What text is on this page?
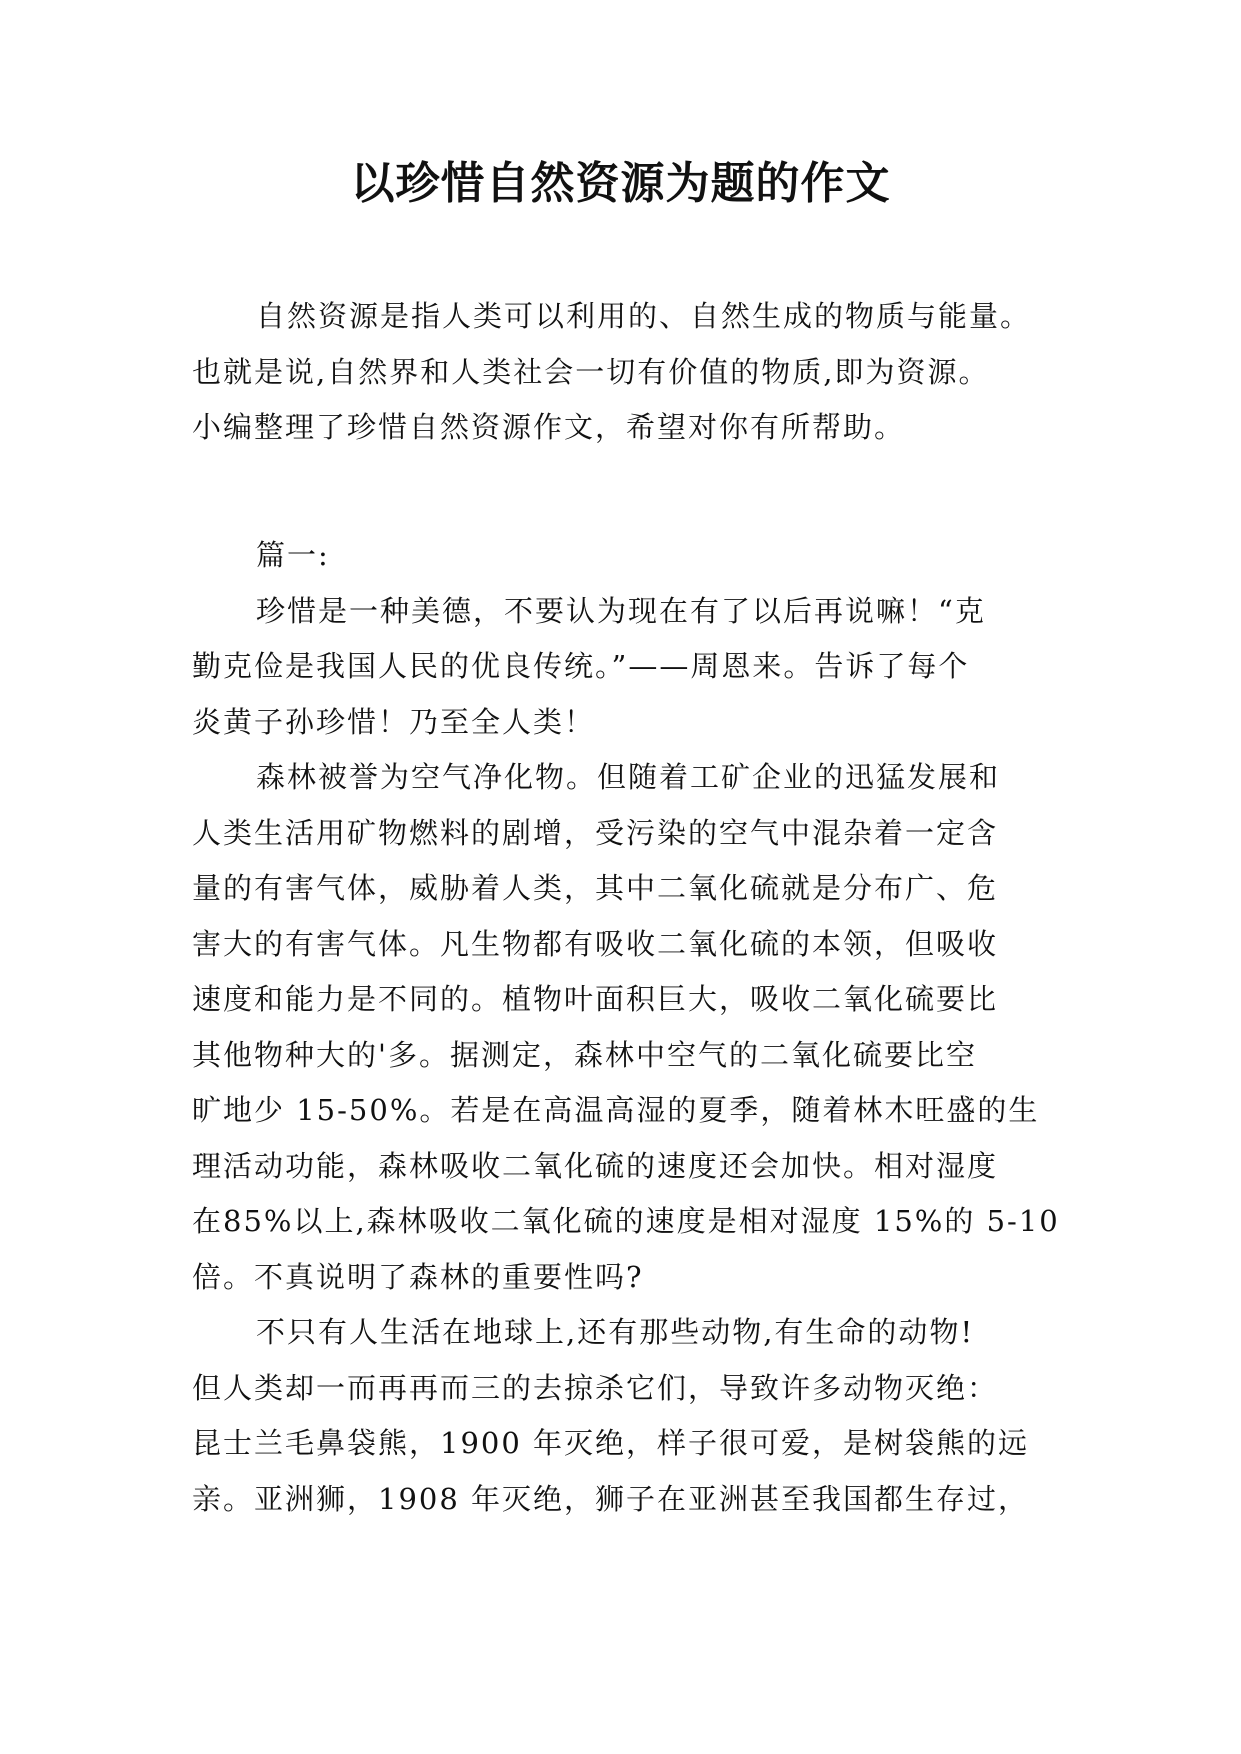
以珍惜自然资源为题的作文
自然资源是指人类可以利用的、自然生成的物质与能量。
也就是说,自然界和人类社会一切有价值的物质,即为资源。
小编整理了珍惜自然资源作文，希望对你有所帮助。
篇一:
珍惜是一种美德，不要认为现在有了以后再说嘛！“克
勤克俭是我国人民的优良传统。”——周恩来。告诉了每个
炎黄子孙珍惜！乃至全人类！
森林被誉为空气净化物。但随着工矿企业的迅猛发展和
人类生活用矿物燃料的剧增，受污染的空气中混杂着一定含
量的有害气体，威胁着人类，其中二氧化硫就是分布广、危
害大的有害气体。凡生物都有吸收二氧化硫的本领，但吸收
速度和能力是不同的。植物叶面积巨大，吸收二氧化硫要比
其他物种大的'多。据测定，森林中空气的二氧化硫要比空
旷地少 15-50%。若是在高温高湿的夏季，随着林木旺盛的生
理活动功能，森林吸收二氧化硫的速度还会加快。相对湿度
在85%以上,森林吸收二氧化硫的速度是相对湿度 15%的 5-10
倍。不真说明了森林的重要性吗?
不只有人生活在地球上,还有那些动物,有生命的动物!
但人类却一而再再而三的去掠杀它们，导致许多动物灭绝：
昆士兰毛鼻袋熊，1900 年灭绝，样子很可爱，是树袋熊的远
亲。亚洲狮，1908 年灭绝，狮子在亚洲甚至我国都生存过，
